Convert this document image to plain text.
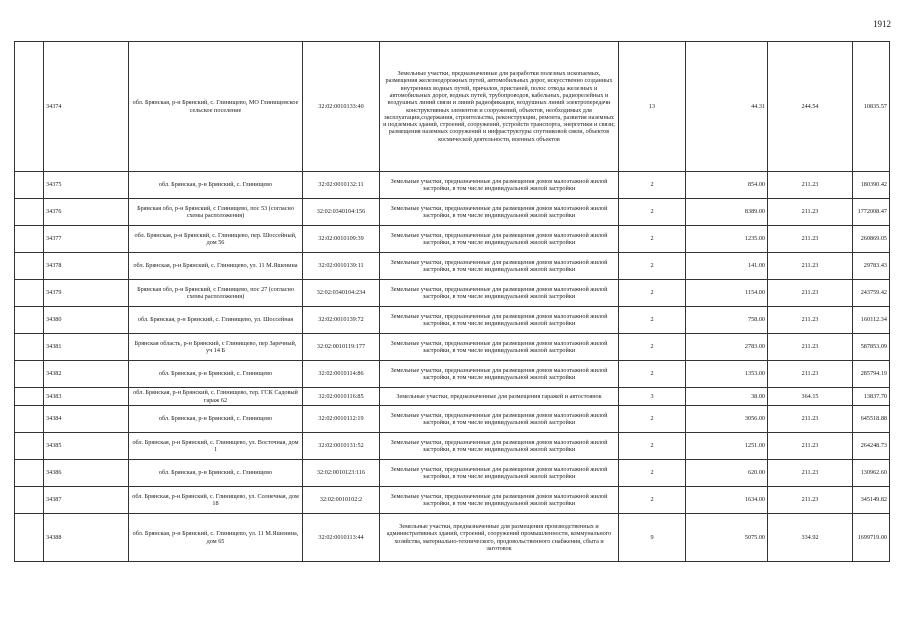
1912
	34374	обл. Брянская, р-н Брянский, с. Глинищево, МО Глинищевское сельское поселение	32:02:0010133:40	Земельные участки, предназначенные для разработки полезных ископаемых, размещения железнодорожных путей, автомобильных дорог, искусственно созданных внутренних водных путей, причалов, пристаней, полос отвода железных и автомобильных дорог, водных путей, трубопроводов, кабельных, радиорелейных и воздушных линий связи и линий радиофикации, воздушных линий электропередачи конструктивных элементов и сооружений, объектов, необходимых для эксплуатации,содержания, строительства, реконструкции, ремонта, развития наземных и подземных зданий, строений, сооружений, устройств транспорта, энергетики и связи; размещения наземных сооружений и инфраструктуры спутниковой связи, объектов космической деятельности, военных объектов	13	44.31	244.54	10835.57
	34375	обл. Брянская, р-н Брянский, с. Глинищево	32:02:0010132:11	Земельные участки, предназначенные для размещения домов малоэтажной жилой застройки, в том числе индивидуальной жилой застройки	2	854.00	211.23	180390.42
	34376	Брянская обл, р-н Брянский, с Глинищево, пос 53 (согласно схемы расположения)	32:02:0340104:156	Земельные участки, предназначенные для размещения домов малоэтажной жилой застройки, в том числе индивидуальной жилой застройки	2	8389.00	211.23	1772008.47
	34377	обл. Брянская, р-н Брянский, с. Глинищево, пер. Шоссейный, дом 56	32:02:0010109:39	Земельные участки, предназначенные для размещения домов малоэтажной жилой застройки, в том числе индивидуальной жилой застройки	2	1235.00	211.23	260869.05
	34378	обл. Брянская, р-н Брянский, с. Глинищево, ул. 11 М.Яшенина	32:02:0010139:11	Земельные участки, предназначенные для размещения домов малоэтажной жилой застройки, в том числе индивидуальной жилой застройки	2	141.00	211.23	29783.43
	34379	Брянская обл, р-н Брянский, с Глинищево, пос 27 (согласно схемы расположения)	32:02:0340104:234	Земельные участки, предназначенные для размещения домов малоэтажной жилой застройки, в том числе индивидуальной жилой застройки	2	1154.00	211.23	243759.42
	34380	обл. Брянская, р-н Брянский, с. Глинищево, ул. Шоссейная	32:02:0010139:72	Земельные участки, предназначенные для размещения домов малоэтажной жилой застройки, в том числе индивидуальной жилой застройки	2	758.00	211.23	160112.34
	34381	Брянская область, р-н Брянский, с Глинищево, пер Заречный, уч 14 Б	32:02:0010119:177	Земельные участки, предназначенные для размещения домов малоэтажной жилой застройки, в том числе индивидуальной жилой застройки	2	2783.00	211.23	587853.09
	34382	обл. Брянская, р-н Брянский, с. Глинищево	32:02:0010114:86	Земельные участки, предназначенные для размещения домов малоэтажной жилой застройки, в том числе индивидуальной жилой застройки	2	1353.00	211.23	285794.19
	34383	обл. Брянская, р-н Брянский, с. Глинищево, тер. ГСК Садовый гараж 62	32:02:0010116:85	Земельные участки, предназначенные для размещения гаражей и автостоянок	3	38.00	364.15	13837.70
	34384	обл. Брянская, р-н Брянский, с. Глинищево	32:02:0010112:19	Земельные участки, предназначенные для размещения домов малоэтажной жилой застройки, в том числе индивидуальной жилой застройки	2	3056.00	211.23	645518.88
	34385	обл. Брянская, р-н Брянский, с. Глинищево, ул. Восточная, дом 1	32:02:0010131:52	Земельные участки, предназначенные для размещения домов малоэтажной жилой застройки, в том числе индивидуальной жилой застройки	2	1251.00	211.23	264248.73
	34386	обл. Брянская, р-н Брянский, с. Глинищево	32:02:0010123:116	Земельные участки, предназначенные для размещения домов малоэтажной жилой застройки, в том числе индивидуальной жилой застройки	2	620.00	211.23	130962.60
	34387	обл. Брянская, р-н Брянский, с. Глинищево, ул. Солнечная, дом 18	32:02:0010102:2	Земельные участки, предназначенные для размещения домов малоэтажной жилой застройки, в том числе индивидуальной жилой застройки	2	1634.00	211.23	345149.82
	34388	обл. Брянская, р-н Брянский, с. Глинищево, ул. 11 М.Яшенина, дом 65	32:02:0010113:44	Земельные участки, предназначенные для размещения производственных и административных зданий, строений, сооружений промышленности, коммунального хозяйства, материально-технического, продовольственного снабжения, сбыта и заготовок	9	5075.00	334.92	1699719.00
